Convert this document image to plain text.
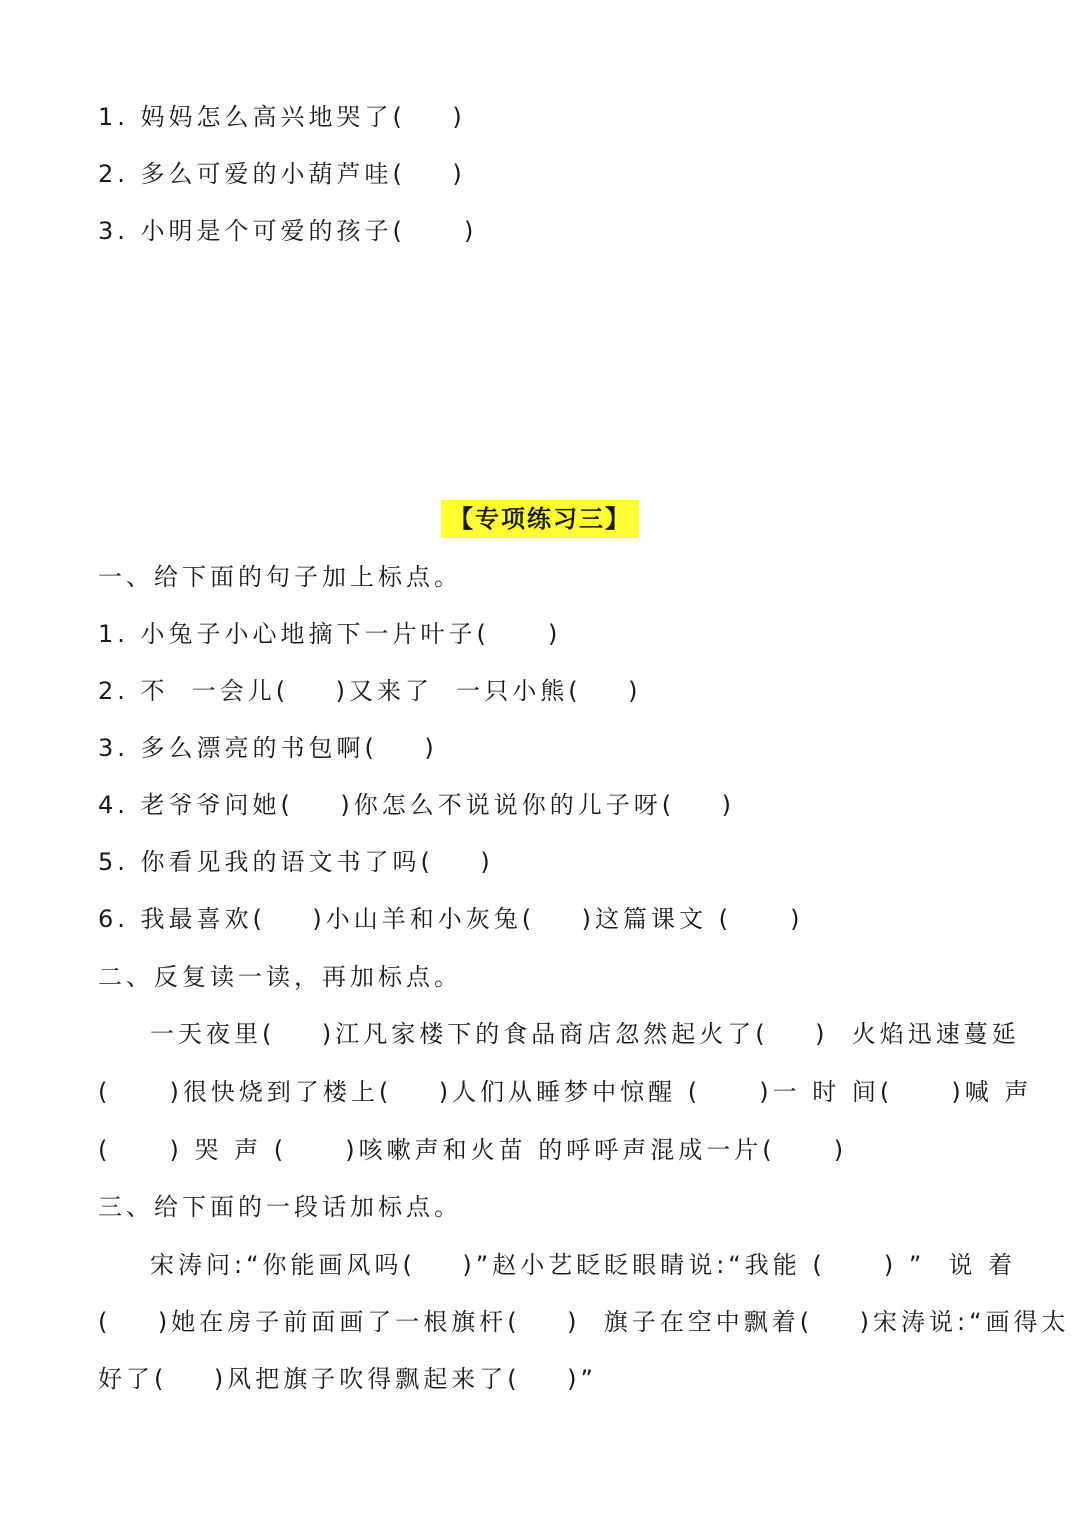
1. 妈妈怎么高兴地哭了(    )
2. 多么可爱的小葫芦哇(    )
3. 小明是个可爱的孩子(     )
【专项练习三】
一、给下面的句子加上标点。
1. 小兔子小心地摘下一片叶子(     )
2. 不  一会儿(    )又来了  一只小熊(    )
3. 多么漂亮的书包啊(    )
4. 老爷爷问她(    )你怎么不说说你的儿子呀(    )
5. 你看见我的语文书了吗(    )
6. 我最喜欢(    )小山羊和小灰兔(    )这篇课文 (     )
二、反复读一读，再加标点。
一天夜里(    )江凡家楼下的食品商店忽然起火了(    )  火焰迅速蔓延
(     )很快烧到了楼上(    )人们从睡梦中惊醒 (     )一 时 间(     )喊 声
(     ) 哭 声 (     )咳嗽声和火苗 的呼呼声混成一片(     )
三、给下面的一段话加标点。
宋涛问:“你能画风吗(    )”赵小艺眨眨眼睛说:“我能 (     ) ”  说 着
(    )她在房子前面画了一根旗杆(    )  旗子在空中飘着(    )宋涛说:“画得太
好了(    )风把旗子吹得飘起来了(    )”
